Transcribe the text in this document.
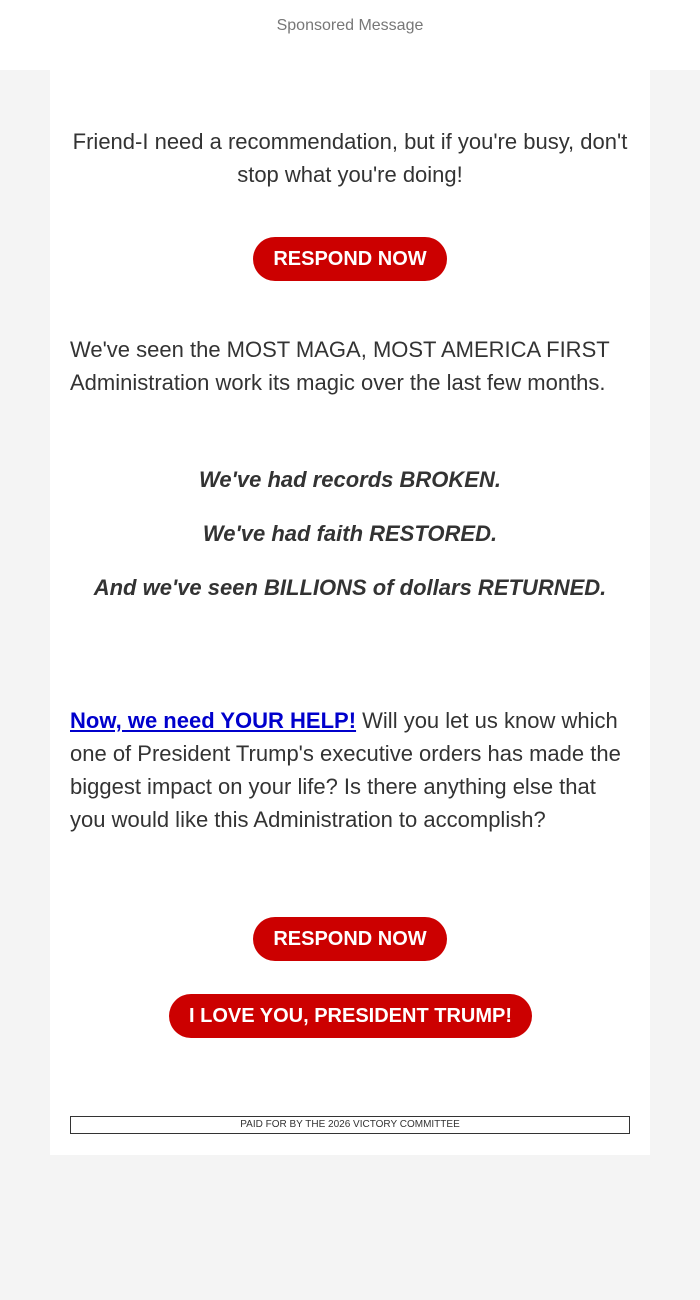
Sponsored Message

Friend-I need a recommendation, but if you're busy, don't stop what you're doing!

RESPOND NOW

We've seen the MOST MAGA, MOST AMERICA FIRST Administration work its magic over the last few months.

We've had records BROKEN.

We've had faith RESTORED.

And we've seen BILLIONS of dollars RETURNED.

Now, we need YOUR HELP! Will you let us know which one of President Trump's executive orders has made the biggest impact on your life? Is there anything else that you would like this Administration to accomplish?

RESPOND NOW
I LOVE YOU, PRESIDENT TRUMP!
PAID FOR BY THE 2026 VICTORY COMMITTEE
